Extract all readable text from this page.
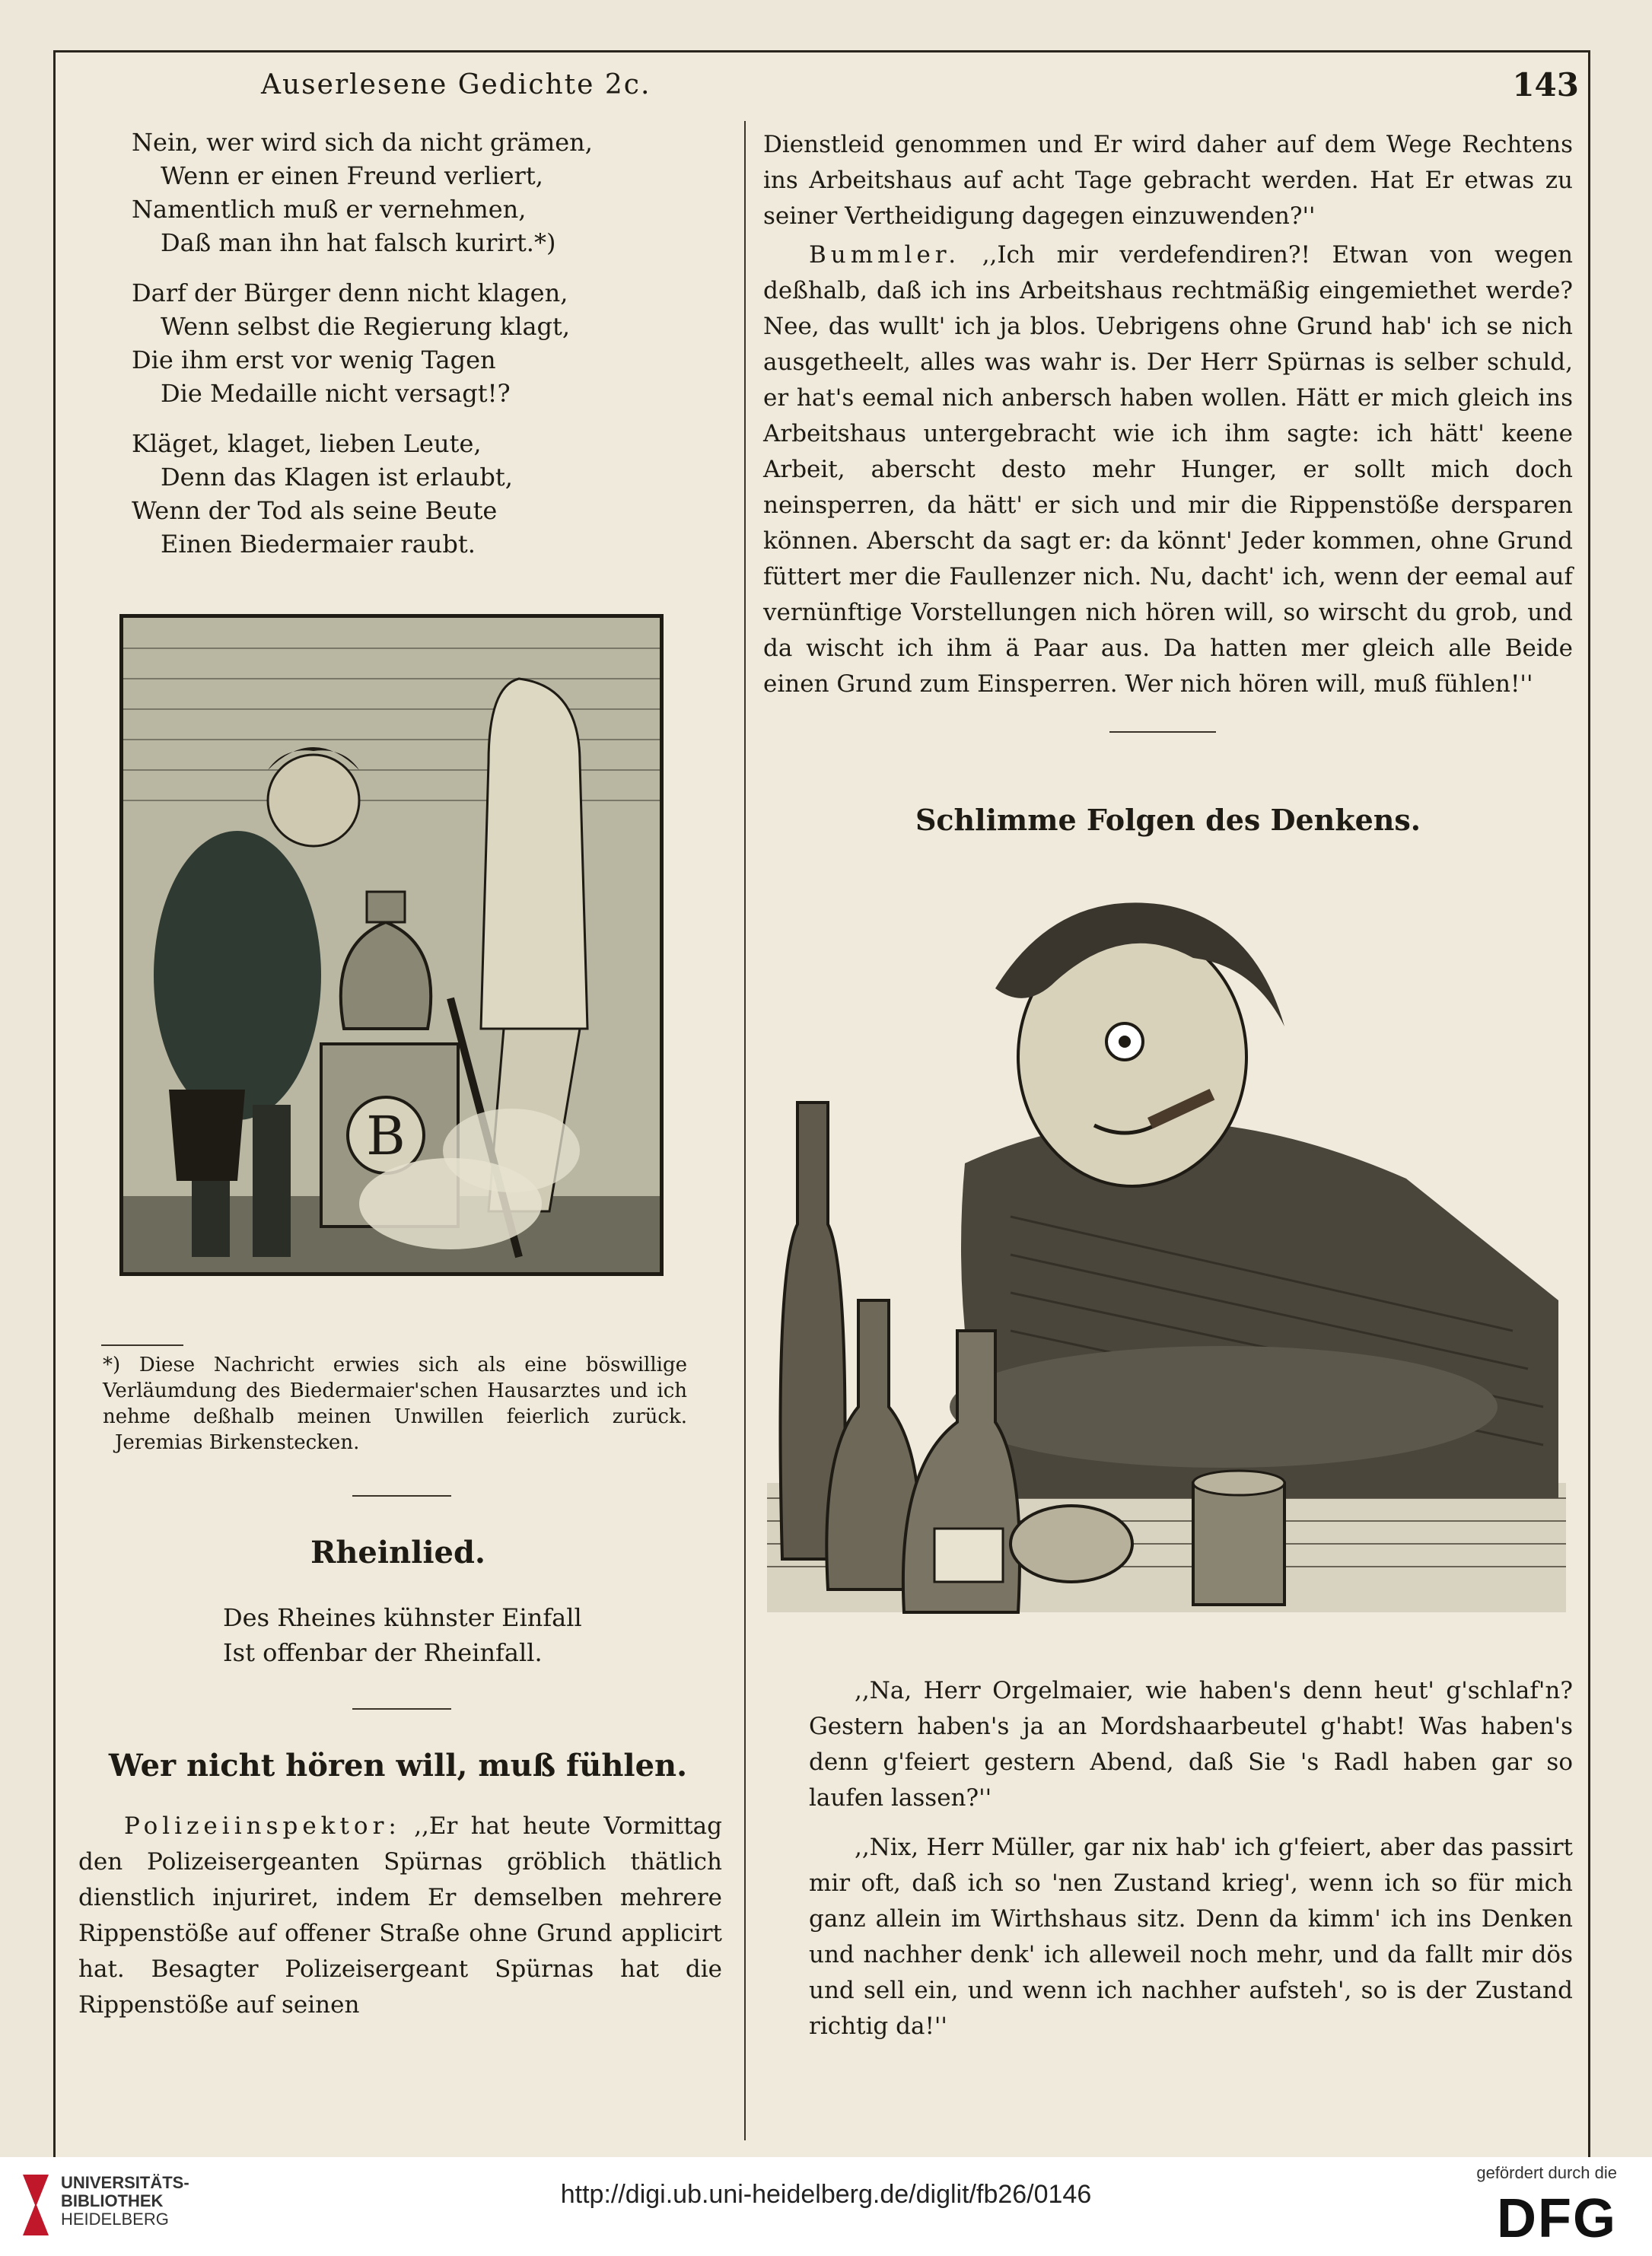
Auserlesene Gedichte 2c.	143
Nein, wer wird sich da nicht grämen,
Wenn er einen Freund verliert,
Namentlich muß er vernehmen,
Daß man ihn hat falsch kurirt.*)
Darf der Bürger denn nicht klagen,
Wenn selbst die Regierung klagt,
Die ihm erst vor wenig Tagen
Die Medaille nicht versagt!?
Kläget, klaget, lieben Leute,
Denn das Klagen ist erlaubt,
Wenn der Tod als seine Beute
Einen Biedermaier raubt.
B
*) Diese Nachricht erwies sich als eine böswillige Verläumdung des Biedermaier'schen Hausarztes und ich nehme deßhalb meinen Unwillen feierlich zurück. Jeremias Birkenstecken.
Rheinlied.
Des Rheines kühnster Einfall
Ist offenbar der Rheinfall.
Wer nicht hören will, muß fühlen.

Polizeiinspektor: ,,Er hat heute Vormittag den Polizeisergeanten Spürnas gröblich thätlich dienstlich injuriret, indem Er demselben mehrere Rippenstöße auf offener Straße ohne Grund applicirt hat. Besagter Polizeisergeant Spürnas hat die Rippenstöße auf seinen

Dienstleid genommen und Er wird daher auf dem Wege Rechtens ins Arbeitshaus auf acht Tage gebracht werden. Hat Er etwas zu seiner Vertheidigung dagegen einzuwenden?''

Bummler. ,,Ich mir verdefendiren?! Etwan von wegen deßhalb, daß ich ins Arbeitshaus rechtmäßig eingemiethet werde? Nee, das wullt' ich ja blos. Uebrigens ohne Grund hab' ich se nich ausgetheelt, alles was wahr is. Der Herr Spürnas is selber schuld, er hat's eemal nich anbersch haben wollen. Hätt er mich gleich ins Arbeitshaus untergebracht wie ich ihm sagte: ich hätt' keene Arbeit, aberscht desto mehr Hunger, er sollt mich doch neinsperren, da hätt' er sich und mir die Rippenstöße dersparen können. Aberscht da sagt er: da könnt' Jeder kommen, ohne Grund füttert mer die Faullenzer nich. Nu, dacht' ich, wenn der eemal auf vernünftige Vorstellungen nich hören will, so wirscht du grob, und da wischt ich ihm ä Paar aus. Da hatten mer gleich alle Beide einen Grund zum Einsperren. Wer nich hören will, muß fühlen!''

Schlimme Folgen des Denkens.

,,Na, Herr Orgelmaier, wie haben's denn heut' g'schlaf'n? Gestern haben's ja an Mordshaarbeutel g'habt! Was haben's denn g'feiert gestern Abend, daß Sie 's Radl haben gar so laufen lassen?''

,,Nix, Herr Müller, gar nix hab' ich g'feiert, aber das passirt mir oft, daß ich so 'nen Zustand krieg', wenn ich so für mich ganz allein im Wirthshaus sitz. Denn da kimm' ich ins Denken und nachher denk' ich alleweil noch mehr, und da fallt mir dös und sell ein, und wenn ich nachher aufsteh', so is der Zustand richtig da!''

UNIVERSITÄTS-
BIBLIOTHEK
HEIDELBERG
http://digi.ub.uni-heidelberg.de/diglit/fb26/0146
gefördert durch die
DFG
